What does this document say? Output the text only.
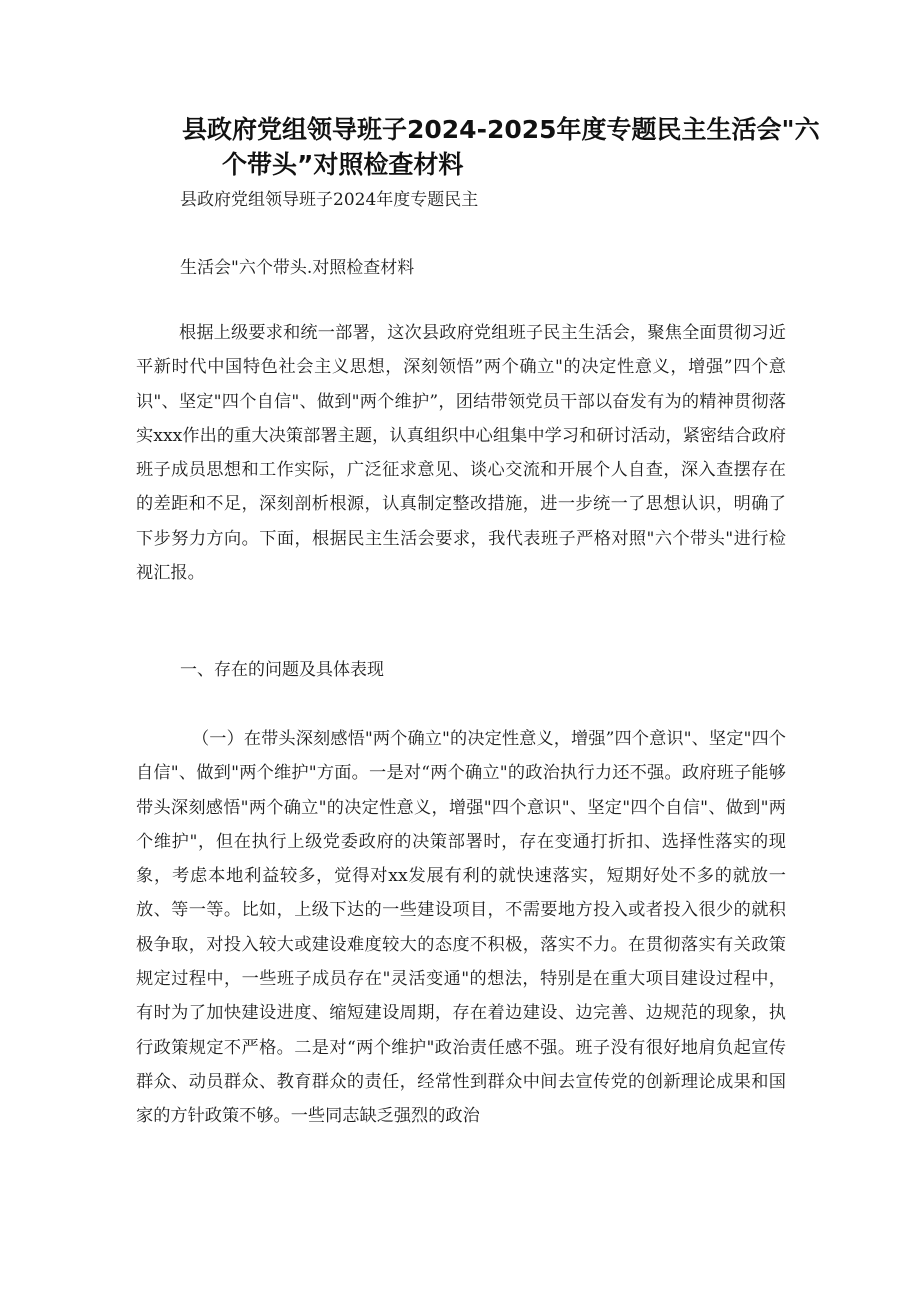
县政府党组领导班子2024-2025年度专题民主生活会"六
个带头”对照检查材料
县政府党组领导班子2024年度专题民主
生活会"六个带头.对照检查材料

根据上级要求和统一部署，这次县政府党组班子民主生活会，聚焦全面贯彻习近平新时代中国特色社会主义思想，深刻领悟”两个确立"的决定性意义，增强”四个意识"、坚定"四个自信"、做到"两个维护”，团结带领党员干部以奋发有为的精神贯彻落实xxx作出的重大决策部署主题，认真组织中心组集中学习和研讨活动，紧密结合政府班子成员思想和工作实际，广泛征求意见、谈心交流和开展个人自查，深入查摆存在的差距和不足，深刻剖析根源，认真制定整改措施，进一步统一了思想认识，明确了下步努力方向。下面，根据民主生活会要求，我代表班子严格对照"六个带头"进行检视汇报。

一、存在的问题及具体表现

（一）在带头深刻感悟"两个确立"的决定性意义，增强”四个意识"、坚定"四个自信"、做到"两个维护"方面。一是对“两个确立"的政治执行力还不强。政府班子能够带头深刻感悟"两个确立"的决定性意义，增强"四个意识"、坚定"四个自信"、做到"两个维护"，但在执行上级党委政府的决策部署时，存在变通打折扣、选择性落实的现象，考虑本地利益较多，觉得对xx发展有利的就快速落实，短期好处不多的就放一放、等一等。比如，上级下达的一些建设项目，不需要地方投入或者投入很少的就积极争取，对投入较大或建设难度较大的态度不积极，落实不力。在贯彻落实有关政策规定过程中，一些班子成员存在"灵活变通"的想法，特别是在重大项目建设过程中，有时为了加快建设进度、缩短建设周期，存在着边建设、边完善、边规范的现象，执行政策规定不严格。二是对“两个维护"政治责任感不强。班子没有很好地肩负起宣传群众、动员群众、教育群众的责任，经常性到群众中间去宣传党的创新理论成果和国家的方针政策不够。一些同志缺乏强烈的政治
